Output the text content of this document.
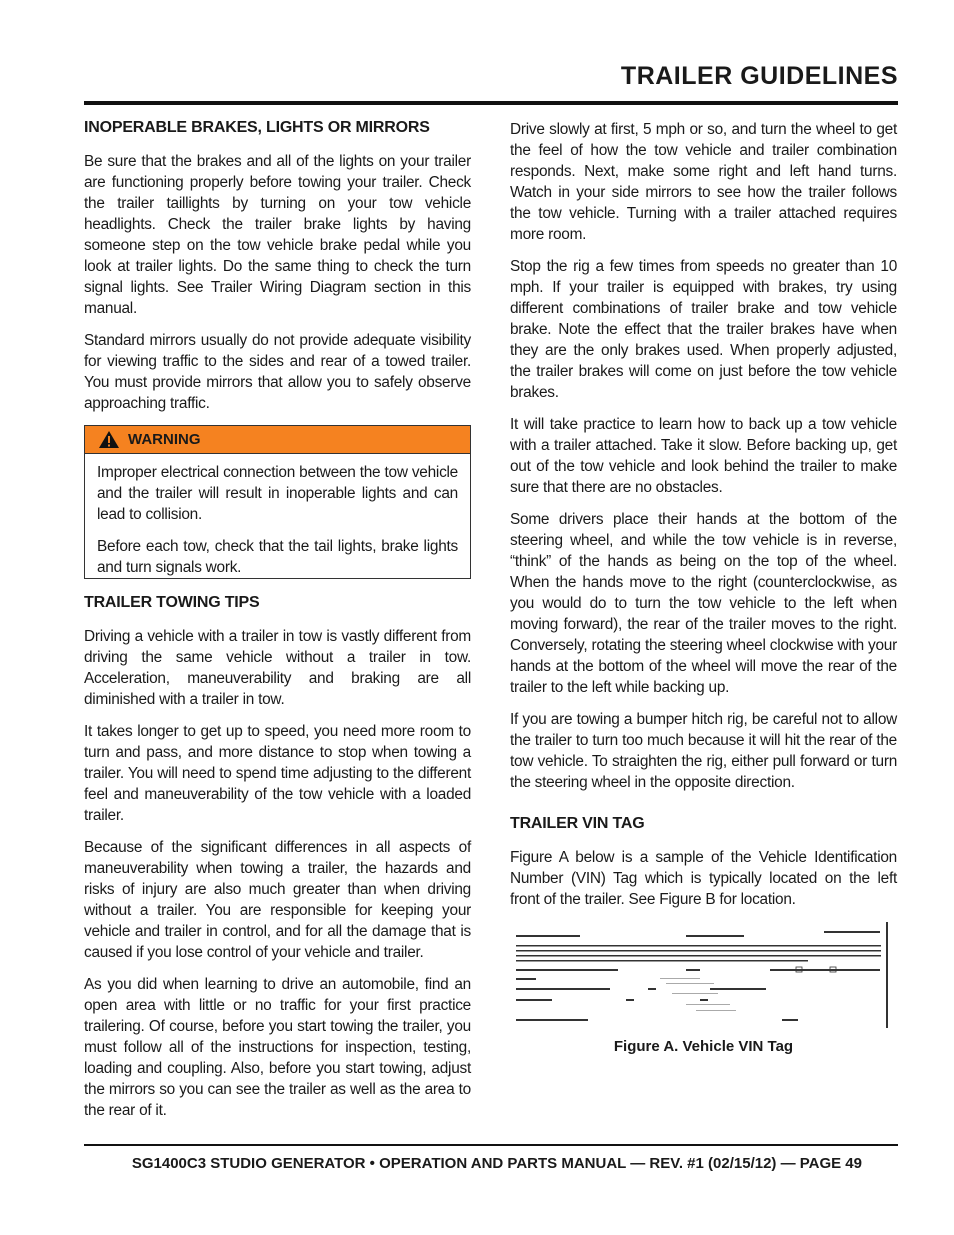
TRAILER GUIDELINES
INOPERABLE BRAKES, LIGHTS OR MIRRORS

Be sure that the brakes and all of the lights on your trailer are functioning properly before towing your trailer. Check the trailer taillights by turning on your tow vehicle headlights. Check the trailer brake lights by having someone step on the tow vehicle brake pedal while you look at trailer lights. Do the same thing to check the turn signal lights. See Trailer Wiring Diagram section in this manual.

Standard mirrors usually do not provide adequate visibility for viewing traffic to the sides and rear of a towed trailer. You must provide mirrors that allow you to safely observe approaching traffic.

WARNING

Improper electrical connection between the tow vehicle and the trailer will result in inoperable lights and can lead to collision.

Before each tow, check that the tail lights, brake lights and turn signals work.

TRAILER TOWING TIPS

Driving a vehicle with a trailer in tow is vastly different from driving the same vehicle without a trailer in tow. Acceleration, maneuverability and braking are all diminished with a trailer in tow.

It takes longer to get up to speed, you need more room to turn and pass, and more distance to stop when towing a trailer. You will need to spend time adjusting to the different feel and maneuverability of the tow vehicle with a loaded trailer.

Because of the significant differences in all aspects of maneuverability when towing a trailer, the hazards and risks of injury are also much greater than when driving without a trailer. You are responsible for keeping your vehicle and trailer in control, and for all the damage that is caused if you lose control of your vehicle and trailer.

As you did when learning to drive an automobile, find an open area with little or no traffic for your first practice trailering. Of course, before you start towing the trailer, you must follow all of the instructions for inspection, testing, loading and coupling. Also, before you start towing, adjust the mirrors so you can see the trailer as well as the area to the rear of it.

Drive slowly at first, 5 mph or so, and turn the wheel to get the feel of how the tow vehicle and trailer combination responds. Next, make some right and left hand turns. Watch in your side mirrors to see how the trailer follows the tow vehicle. Turning with a trailer attached requires more room.

Stop the rig a few times from speeds no greater than 10 mph. If your trailer is equipped with brakes, try using different combinations of trailer brake and tow vehicle brake. Note the effect that the trailer brakes have when they are the only brakes used. When properly adjusted, the trailer brakes will come on just before the tow vehicle brakes.

It will take practice to learn how to back up a tow vehicle with a trailer attached. Take it slow. Before backing up, get out of the tow vehicle and look behind the trailer to make sure that there are no obstacles.

Some drivers place their hands at the bottom of the steering wheel, and while the tow vehicle is in reverse, “think” of the hands as being on the top of the wheel. When the hands move to the right (counterclockwise, as you would do to turn the tow vehicle to the left when moving forward), the rear of the trailer moves to the right. Conversely, rotating the steering wheel clockwise with your hands at the bottom of the wheel will move the rear of the trailer to the left while backing up.

If you are towing a bumper hitch rig, be careful not to allow the trailer to turn too much because it will hit the rear of the tow vehicle. To straighten the rig, either pull forward or turn the steering wheel in the opposite direction.

TRAILER VIN TAG

Figure A below is a sample of the Vehicle Identification Number (VIN) Tag which is typically located on the left front of the trailer. See Figure B for location.

Figure A. Vehicle VIN Tag

SG1400C3 STUDIO GENERATOR • OPERATION AND PARTS MANUAL — REV. #1 (02/15/12) — PAGE 49
